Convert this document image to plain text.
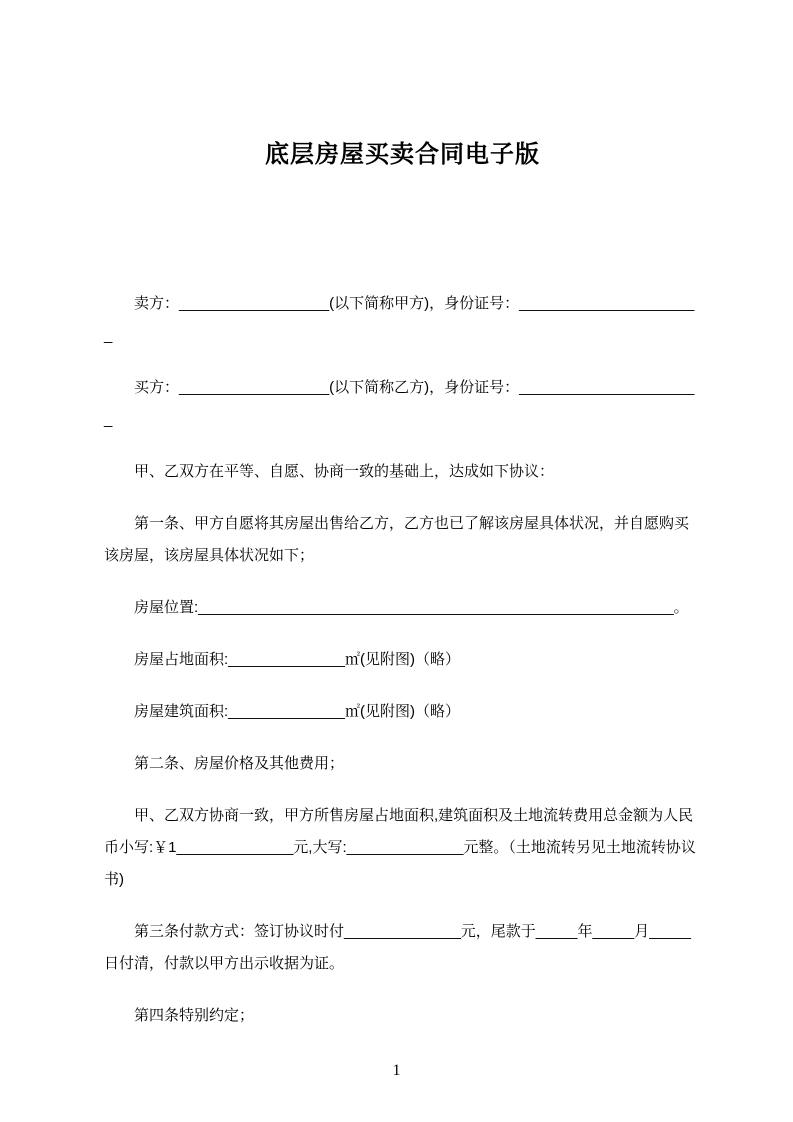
底层房屋买卖合同电子版

卖方：__________________(以下简称甲方)，身份证号：______________________

买方：__________________(以下简称乙方)，身份证号：______________________

甲、乙双方在平等、自愿、协商一致的基础上，达成如下协议：

第一条、甲方自愿将其房屋出售给乙方，乙方也已了解该房屋具体状况，并自愿购买该房屋，该房屋具体状况如下；

房屋位置:_________________________________________________________。

房屋占地面积:______________㎡(见附图)（略）

房屋建筑面积:______________㎡(见附图)（略）

第二条、房屋价格及其他费用；

甲、乙双方协商一致，甲方所售房屋占地面积,建筑面积及土地流转费用总金额为人民币小写:￥1______________元,大写:______________元整。（土地流转另见土地流转协议书)

第三条付款方式：签订协议时付______________元，尾款于_____年_____月_____日付清，付款以甲方出示收据为证。

第四条特别约定；

1
